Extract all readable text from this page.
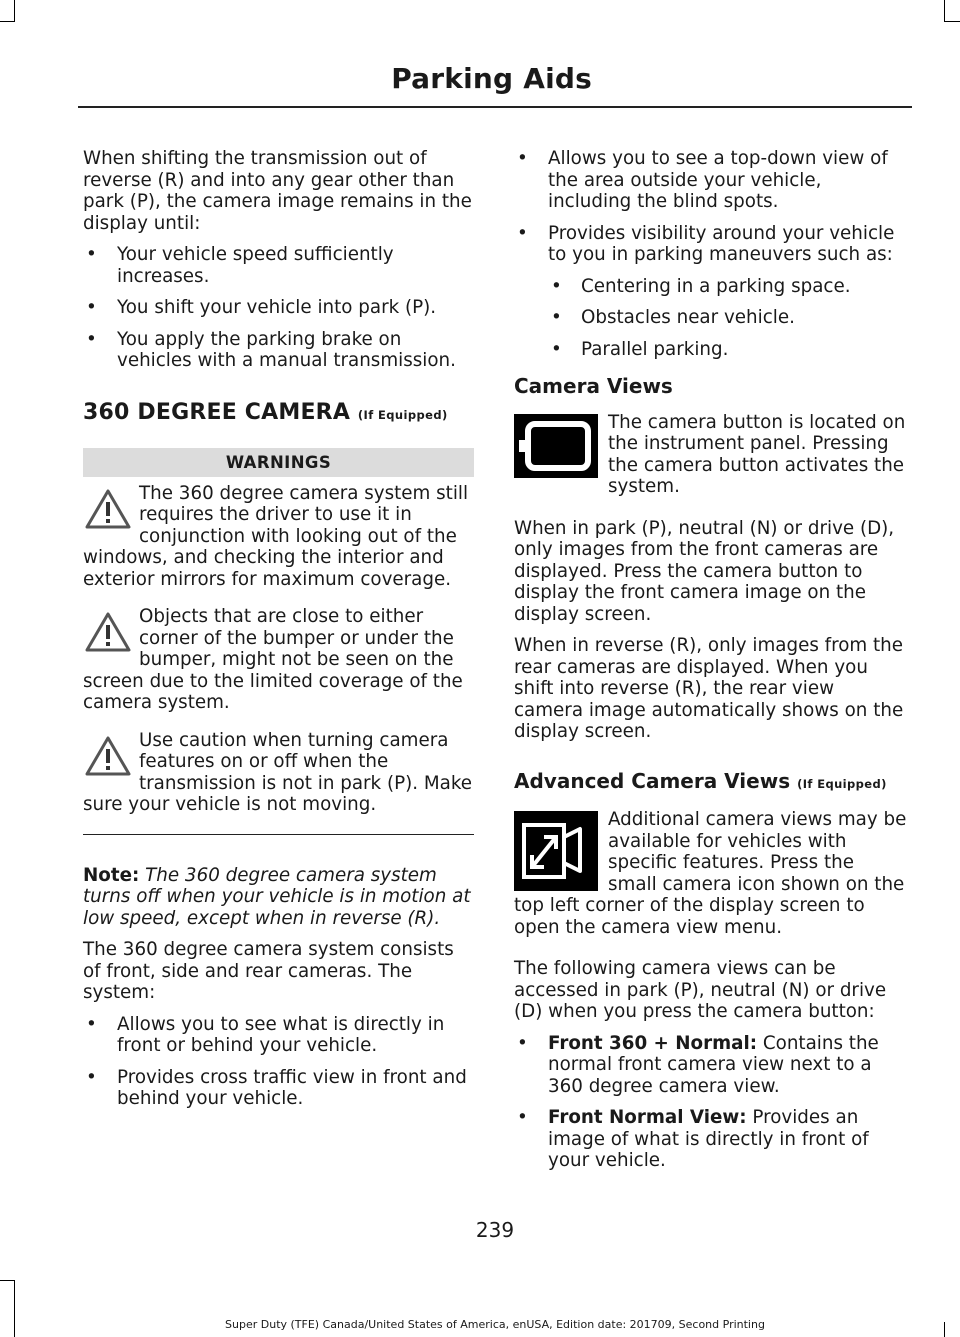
Parking Aids

When shifting the transmission out of reverse (R) and into any gear other than park (P), the camera image remains in the display until:

• Your vehicle speed sufficiently increases.
• You shift your vehicle into park (P).
• You apply the parking brake on vehicles with a manual transmission.
360 DEGREE CAMERA (If Equipped)
WARNINGS
The 360 degree camera system still requires the driver to use it in conjunction with looking out of the windows, and checking the interior and exterior mirrors for maximum coverage.
Objects that are close to either corner of the bumper or under the bumper, might not be seen on the screen due to the limited coverage of the camera system.
Use caution when turning camera features on or off when the transmission is not in park (P). Make sure your vehicle is not moving.

Note: The 360 degree camera system turns off when your vehicle is in motion at low speed, except when in reverse (R).

The 360 degree camera system consists of front, side and rear cameras. The system:

• Allows you to see what is directly in front or behind your vehicle.
• Provides cross traffic view in front and behind your vehicle.
• Allows you to see a top-down view of the area outside your vehicle, including the blind spots.
• Provides visibility around your vehicle to you in parking maneuvers such as:
• Centering in a parking space.
• Obstacles near vehicle.
• Parallel parking.
Camera Views
The camera button is located on the instrument panel. Pressing the camera button activates the system.

When in park (P), neutral (N) or drive (D), only images from the front cameras are displayed. Press the camera button to display the front camera image on the display screen.

When in reverse (R), only images from the rear cameras are displayed. When you shift into reverse (R), the rear view camera image automatically shows on the display screen.

Advanced Camera Views (If Equipped)
Additional camera views may be available for vehicles with specific features. Press the small camera icon shown on the top left corner of the display screen to open the camera view menu.

The following camera views can be accessed in park (P), neutral (N) or drive (D) when you press the camera button:

• Front 360 + Normal: Contains the normal front camera view next to a 360 degree camera view.
• Front Normal View: Provides an image of what is directly in front of your vehicle.
239
Super Duty (TFE) Canada/United States of America, enUSA, Edition date: 201709, Second Printing
